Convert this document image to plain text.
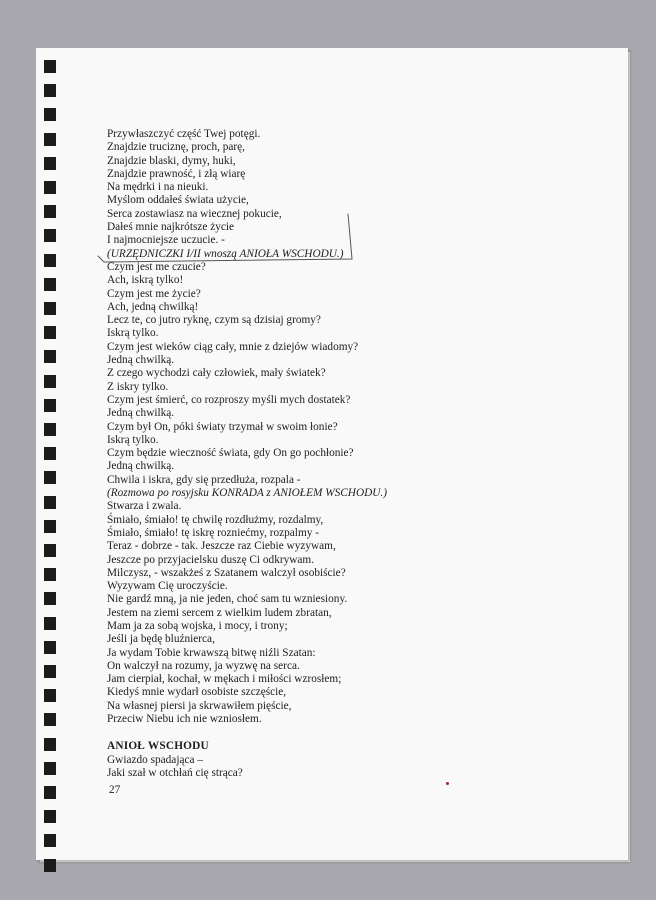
Przywłaszczyć część Twej potęgi.
Znajdzie truciznę, proch, parę,
Znajdzie blaski, dymy, huki,
Znajdzie prawność, i złą wiarę
Na mędrki i na nieuki.
Myślom oddałeś świata użycie,
Serca zostawiasz na wiecznej pokucie,
Dałeś mnie najkrótsze życie
I najmocniejsze uczucie. -
(URZĘDNICZKI I/II wnoszą ANIOŁA WSCHODU.)
Czym jest me czucie?
Ach, iskrą tylko!
Czym jest me życie?
Ach, jedną chwilką!
Lecz te, co jutro ryknę, czym są dzisiaj gromy?
Iskrą tylko.
Czym jest wieków ciąg cały, mnie z dziejów wiadomy?
Jedną chwilką.
Z czego wychodzi cały człowiek, mały światek?
Z iskry tylko.
Czym jest śmierć, co rozproszy myśli mych dostatek?
Jedną chwilką.
Czym był On, póki światy trzymał w swoim łonie?
Iskrą tylko.
Czym będzie wieczność świata, gdy On go pochłonie?
Jedną chwilką.
Chwila i iskra, gdy się przedłuża, rozpala -
(Rozmowa po rosyjsku KONRADA z ANIOŁEM WSCHODU.)
Stwarza i zwala.
Śmiało, śmiało! tę chwilę rozdłużmy, rozdalmy,
Śmiało, śmiało! tę iskrę rozniećmy, rozpalmy -
Teraz - dobrze - tak. Jeszcze raz Ciebie wyzywam,
Jeszcze po przyjacielsku duszę Ci odkrywam.
Milczysz, - wszakżeś z Szatanem walczył osobiście?
Wyzywam Cię uroczyście.
Nie gardź mną, ja nie jeden, choć sam tu wzniesiony.
Jestem na ziemi sercem z wielkim ludem zbratan,
Mam ja za sobą wojska, i mocy, i trony;
Jeśli ja będę bluźnierca,
Ja wydam Tobie krwawszą bitwę niźli Szatan:
On walczył na rozumy, ja wyzwę na serca.
Jam cierpiał, kochał, w mękach i miłości wzrosłem;
Kiedyś mnie wydarł osobiste szczęście,
Na własnej piersi ja skrwawiłem pięście,
Przeciw Niebu ich nie wzniosłem.
ANIOŁ WSCHODU
Gwiazdo spadająca –
Jaki szał w otchłań cię strąca?
27
